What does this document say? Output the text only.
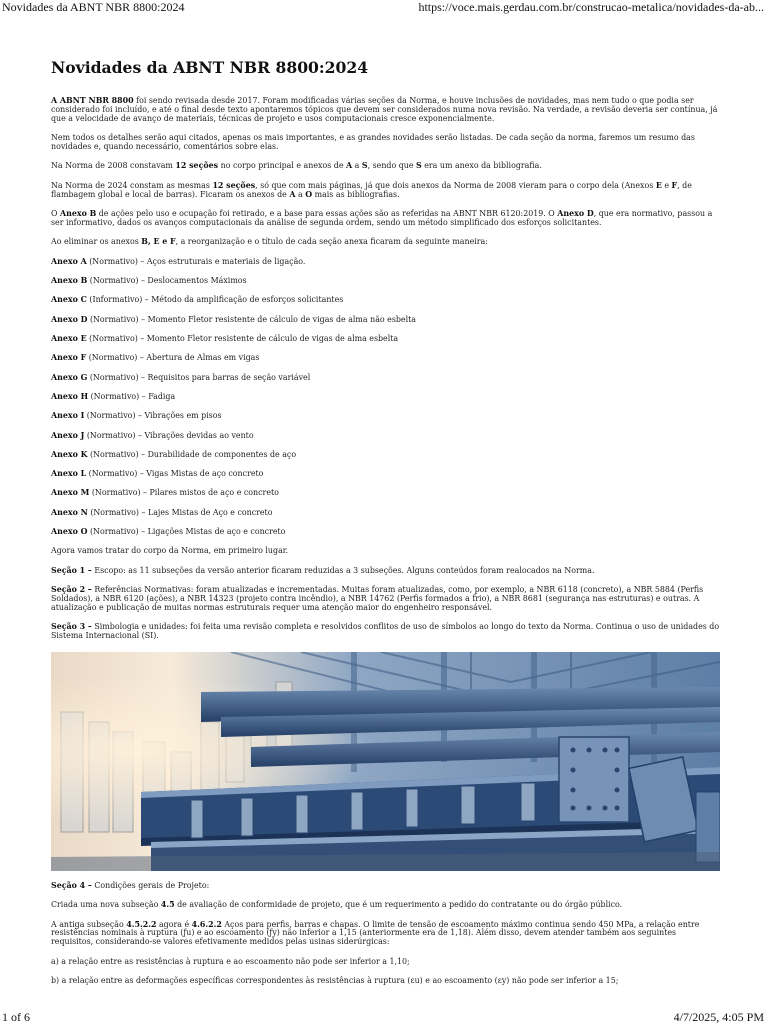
Novidades da ABNT NBR 8800:2024	https://voce.mais.gerdau.com.br/construcao-metalica/novidades-da-ab...
Novidades da ABNT NBR 8800:2024

A ABNT NBR 8800 foi sendo revisada desde 2017. Foram modificadas várias seções da Norma, e houve inclusões de novidades, mas nem tudo o que podia ser considerado foi incluído, e até o final desde texto apontaremos tópicos que devem ser considerados numa nova revisão. Na verdade, a revisão deveria ser contínua, já que a velocidade de avanço de materiais, técnicas de projeto e usos computacionais cresce exponencialmente.

Nem todos os detalhes serão aqui citados, apenas os mais importantes, e as grandes novidades serão listadas. De cada seção da norma, faremos um resumo das novidades e, quando necessário, comentários sobre elas.

Na Norma de 2008 constavam 12 seções no corpo principal e anexos de A a S, sendo que S era um anexo da bibliografia.

Na Norma de 2024 constam as mesmas 12 seções, só que com mais páginas, já que dois anexos da Norma de 2008 vieram para o corpo dela (Anexos E e F, de flambagem global e local de barras). Ficaram os anexos de A a O mais as bibliografias.

O Anexo B de ações pelo uso e ocupação foi retirado, e a base para essas ações são as referidas na ABNT NBR 6120:2019. O Anexo D, que era normativo, passou a ser informativo, dados os avanços computacionais da análise de segunda ordem, sendo um método simplificado dos esforços solicitantes.

Ao eliminar os anexos B, E e F, a reorganização e o título de cada seção anexa ficaram da seguinte maneira:

Anexo A (Normativo) – Aços estruturais e materiais de ligação.

Anexo B (Normativo) – Deslocamentos Máximos

Anexo C (Informativo) – Método da amplificação de esforços solicitantes

Anexo D (Normativo) – Momento Fletor resistente de cálculo de vigas de alma não esbelta

Anexo E (Normativo) – Momento Fletor resistente de cálculo de vigas de alma esbelta

Anexo F (Normativo) – Abertura de Almas em vigas

Anexo G (Normativo) – Requisitos para barras de seção variável

Anexo H (Normativo) – Fadiga

Anexo I (Normativo) – Vibrações em pisos

Anexo J (Normativo) – Vibrações devidas ao vento

Anexo K (Normativo) – Durabilidade de componentes de aço

Anexo L (Normativo) – Vigas Mistas de aço concreto

Anexo M (Normativo) – Pilares mistos de aço e concreto

Anexo N (Normativo) – Lajes Mistas de Aço e concreto

Anexo O (Normativo) – Ligações Mistas de aço e concreto

Agora vamos tratar do corpo da Norma, em primeiro lugar.

Seção 1 – Escopo: as 11 subseções da versão anterior ficaram reduzidas a 3 subseções. Alguns conteúdos foram realocados na Norma.

Seção 2 – Referências Normativas: foram atualizadas e incrementadas. Muitas foram atualizadas, como, por exemplo, a NBR 6118 (concreto), a NBR 5884 (Perfis Soldados), a NBR 6120 (ações), a NBR 14323 (projeto contra incêndio), a NBR 14762 (Perfis formados a frio), a NBR 8681 (segurança nas estruturas) e outras. A atualização e publicação de muitas normas estruturais requer uma atenção maior do engenheiro responsável.

Seção 3 – Simbologia e unidades: foi feita uma revisão completa e resolvidos conflitos de uso de símbolos ao longo do texto da Norma. Continua o uso de unidades do Sistema Internacional (SI).

Seção 4 – Condições gerais de Projeto:

Criada uma nova subseção 4.5 de avaliação de conformidade de projeto, que é um requerimento a pedido do contratante ou do órgão público.

A antiga subseção 4.5.2.2 agora é 4.6.2.2 Aços para perfis, barras e chapas. O limite de tensão de escoamento máximo continua sendo 450 MPa, a relação entre resistências nominais à ruptura (ƒu) e ao escoamento (ƒy) não inferior a 1,15 (anteriormente era de 1,18). Além disso, devem atender também aos seguintes requisitos, considerando-se valores efetivamente medidos pelas usinas siderúrgicas:

a) a relação entre as resistências à ruptura e ao escoamento não pode ser inferior a 1,10;

b) a relação entre as deformações específicas correspondentes às resistências à ruptura (εu) e ao escoamento (εy) não pode ser inferior a 15;

1 of 6	4/7/2025, 4:05 PM
